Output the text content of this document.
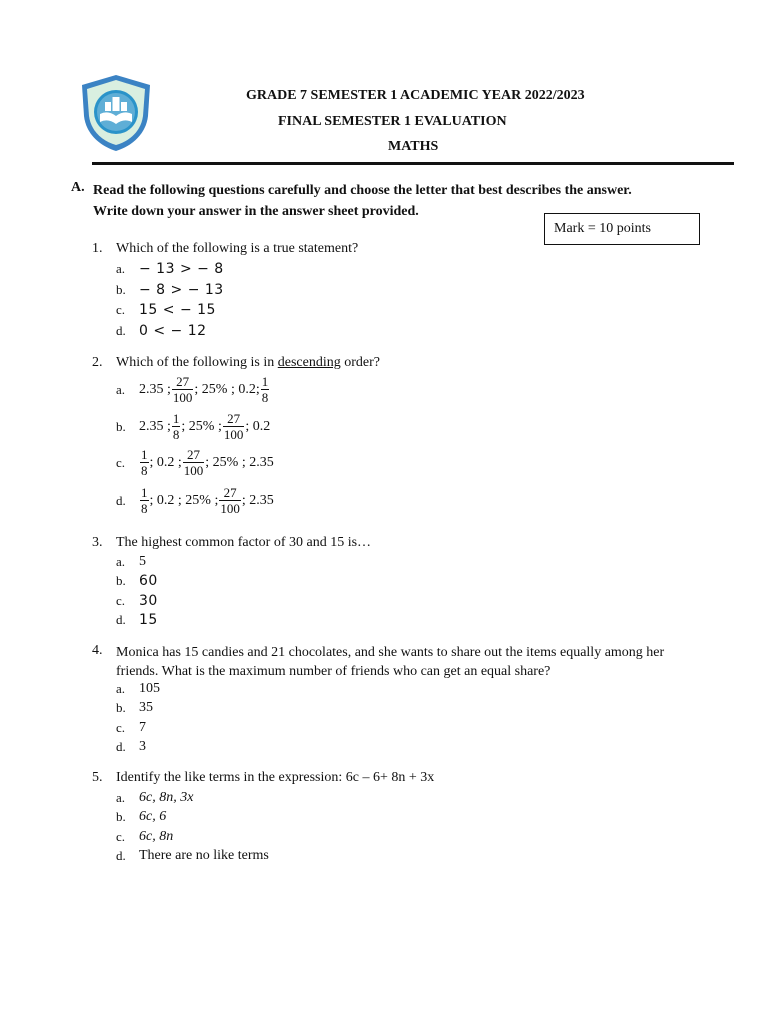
GRADE 7 SEMESTER 1 ACADEMIC YEAR 2022/2023
FINAL SEMESTER 1 EVALUATION
MATHS
A. Read the following questions carefully and choose the letter that best describes the answer. Write down your answer in the answer sheet provided.
Mark = 10 points
1. Which of the following is a true statement?
a. − 13 > − 8
b. − 8 > − 13
c. 15 < − 15
d. 0 < − 12
2. Which of the following is in descending order?
a. 2.35 ; $\frac{27}{100}$ ; 25% ; 0.2; $\frac{1}{8}$
b. 2.35 ; $\frac{1}{8}$ ; 25% ; $\frac{27}{100}$ ; 0.2
c.	$\frac{1}{8}$ ; 0.2 ; $\frac{27}{100}$ ; 25% ; 2.35
d.	$\frac{1}{8}$ ; 0.2 ; 25% ; $\frac{27}{100}$ ; 2.35
3. The highest common factor of 30 and 15 is…
a. 5
b. 60
c. 30
d. 15
4. Monica has 15 candies and 21 chocolates, and she wants to share out the items equally among her friends. What is the maximum number of friends who can get an equal share?
a. 105
b. 35
c. 7
d. 3
5. Identify the like terms in the expression: 6c – 6+ 8n + 3x
a. 6c, 8n, 3x
b. 6c, 6
c. 6c, 8n
d. There are no like terms
